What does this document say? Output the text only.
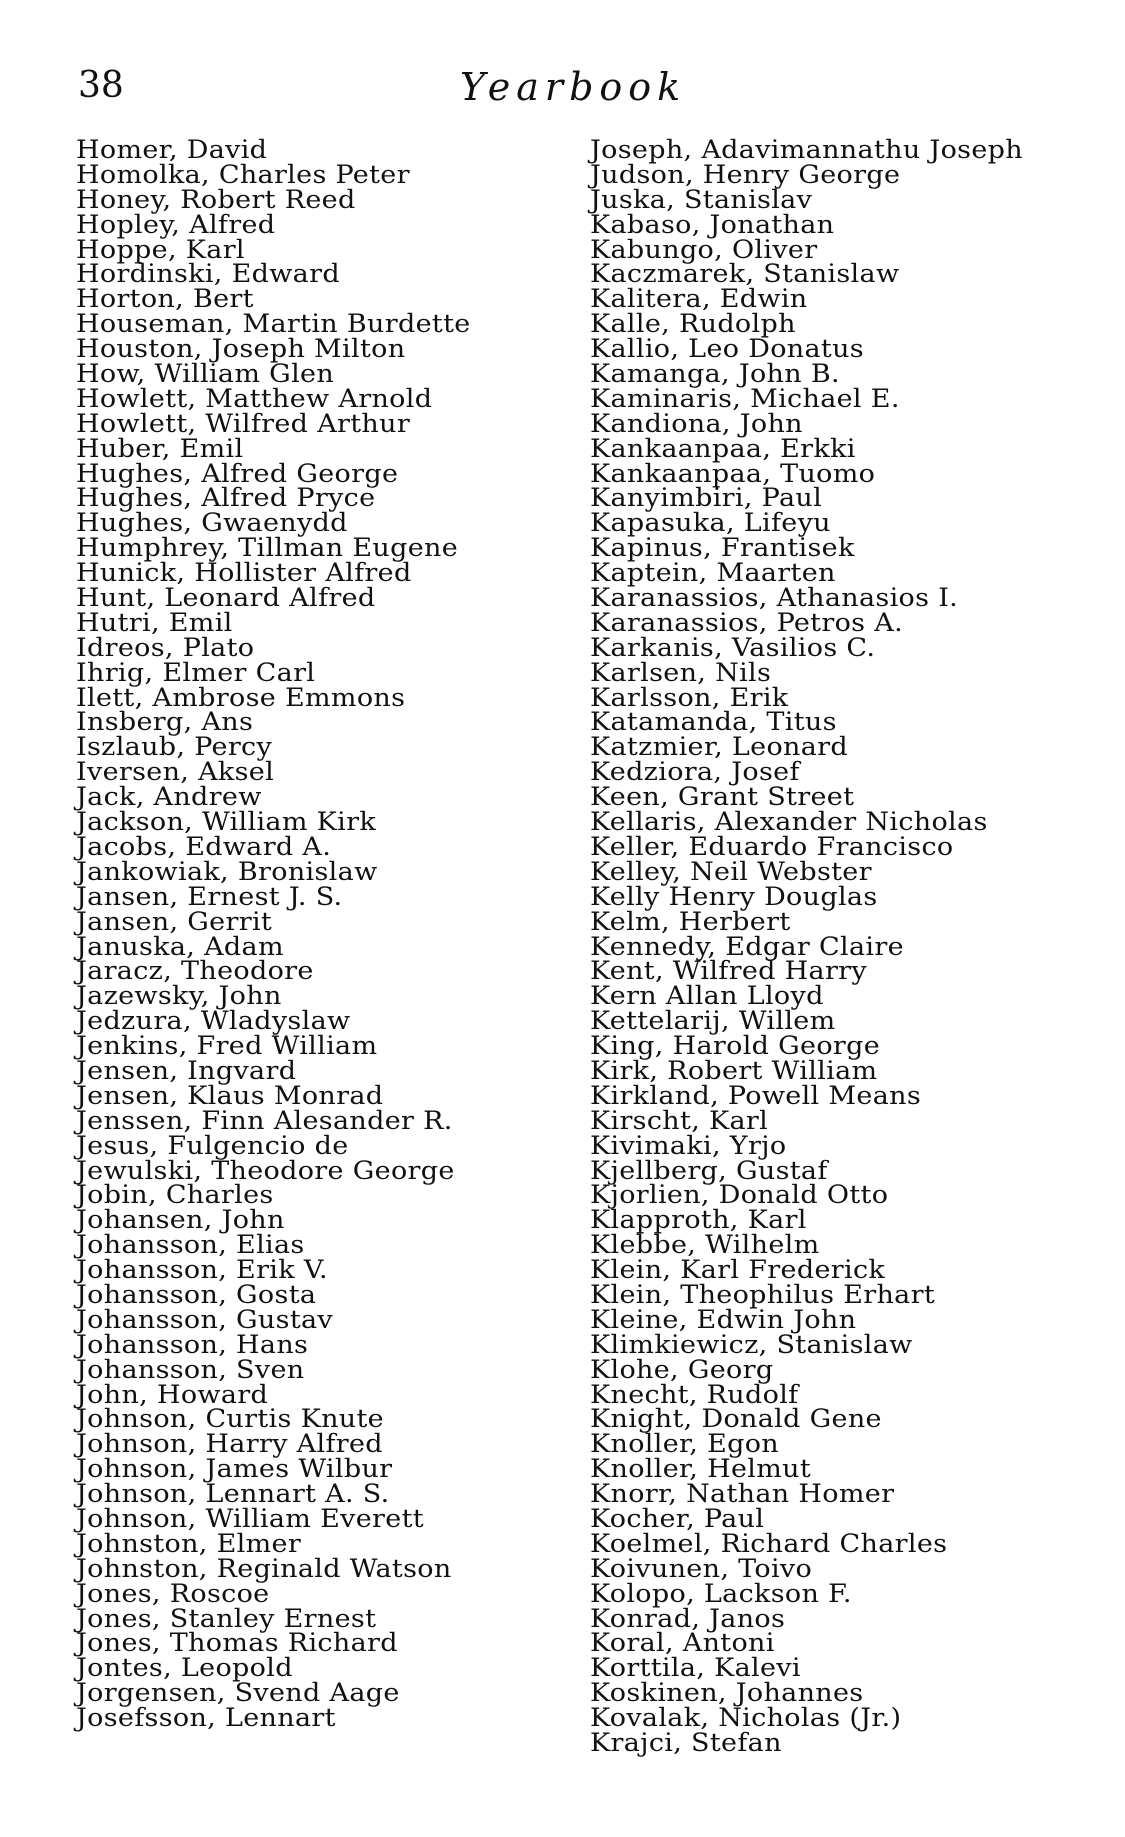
38	Yearbook
Homer, David
Homolka, Charles Peter
Honey, Robert Reed
Hopley, Alfred
Hoppe, Karl
Hordinski, Edward
Horton, Bert
Houseman, Martin Burdette
Houston, Joseph Milton
How, William Glen
Howlett, Matthew Arnold
Howlett, Wilfred Arthur
Huber, Emil
Hughes, Alfred George
Hughes, Alfred Pryce
Hughes, Gwaenydd
Humphrey, Tillman Eugene
Hunick, Hollister Alfred
Hunt, Leonard Alfred
Hutri, Emil
Idreos, Plato
Ihrig, Elmer Carl
Ilett, Ambrose Emmons
Insberg, Ans
Iszlaub, Percy
Iversen, Aksel
Jack, Andrew
Jackson, William Kirk
Jacobs, Edward A.
Jankowiak, Bronislaw
Jansen, Ernest J. S.
Jansen, Gerrit
Januska, Adam
Jaracz, Theodore
Jazewsky, John
Jedzura, Wladyslaw
Jenkins, Fred William
Jensen, Ingvard
Jensen, Klaus Monrad
Jenssen, Finn Alesander R.
Jesus, Fulgencio de
Jewulski, Theodore George
Jobin, Charles
Johansen, John
Johansson, Elias
Johansson, Erik V.
Johansson, Gosta
Johansson, Gustav
Johansson, Hans
Johansson, Sven
John, Howard
Johnson, Curtis Knute
Johnson, Harry Alfred
Johnson, James Wilbur
Johnson, Lennart A. S.
Johnson, William Everett
Johnston, Elmer
Johnston, Reginald Watson
Jones, Roscoe
Jones, Stanley Ernest
Jones, Thomas Richard
Jontes, Leopold
Jorgensen, Svend Aage
Josefsson, Lennart
Joseph, Adavimannathu Joseph
Judson, Henry George
Juska, Stanislav
Kabaso, Jonathan
Kabungo, Oliver
Kaczmarek, Stanislaw
Kalitera, Edwin
Kalle, Rudolph
Kallio, Leo Donatus
Kamanga, John B.
Kaminaris, Michael E.
Kandiona, John
Kankaanpaa, Erkki
Kankaanpaa, Tuomo
Kanyimbiri, Paul
Kapasuka, Lifeyu
Kapinus, Frantisek
Kaptein, Maarten
Karanassios, Athanasios I.
Karanassios, Petros A.
Karkanis, Vasilios C.
Karlsen, Nils
Karlsson, Erik
Katamanda, Titus
Katzmier, Leonard
Kedziora, Josef
Keen, Grant Street
Kellaris, Alexander Nicholas
Keller, Eduardo Francisco
Kelley, Neil Webster
Kelly Henry Douglas
Kelm, Herbert
Kennedy, Edgar Claire
Kent, Wilfred Harry
Kern Allan Lloyd
Kettelarij, Willem
King, Harold George
Kirk, Robert William
Kirkland, Powell Means
Kirscht, Karl
Kivimaki, Yrjo
Kjellberg, Gustaf
Kjorlien, Donald Otto
Klapproth, Karl
Klebbe, Wilhelm
Klein, Karl Frederick
Klein, Theophilus Erhart
Kleine, Edwin John
Klimkiewicz, Stanislaw
Klohe, Georg
Knecht, Rudolf
Knight, Donald Gene
Knoller, Egon
Knoller, Helmut
Knorr, Nathan Homer
Kocher, Paul
Koelmel, Richard Charles
Koivunen, Toivo
Kolopo, Lackson F.
Konrad, Janos
Koral, Antoni
Korttila, Kalevi
Koskinen, Johannes
Kovalak, Nicholas (Jr.)
Krajci, Stefan
